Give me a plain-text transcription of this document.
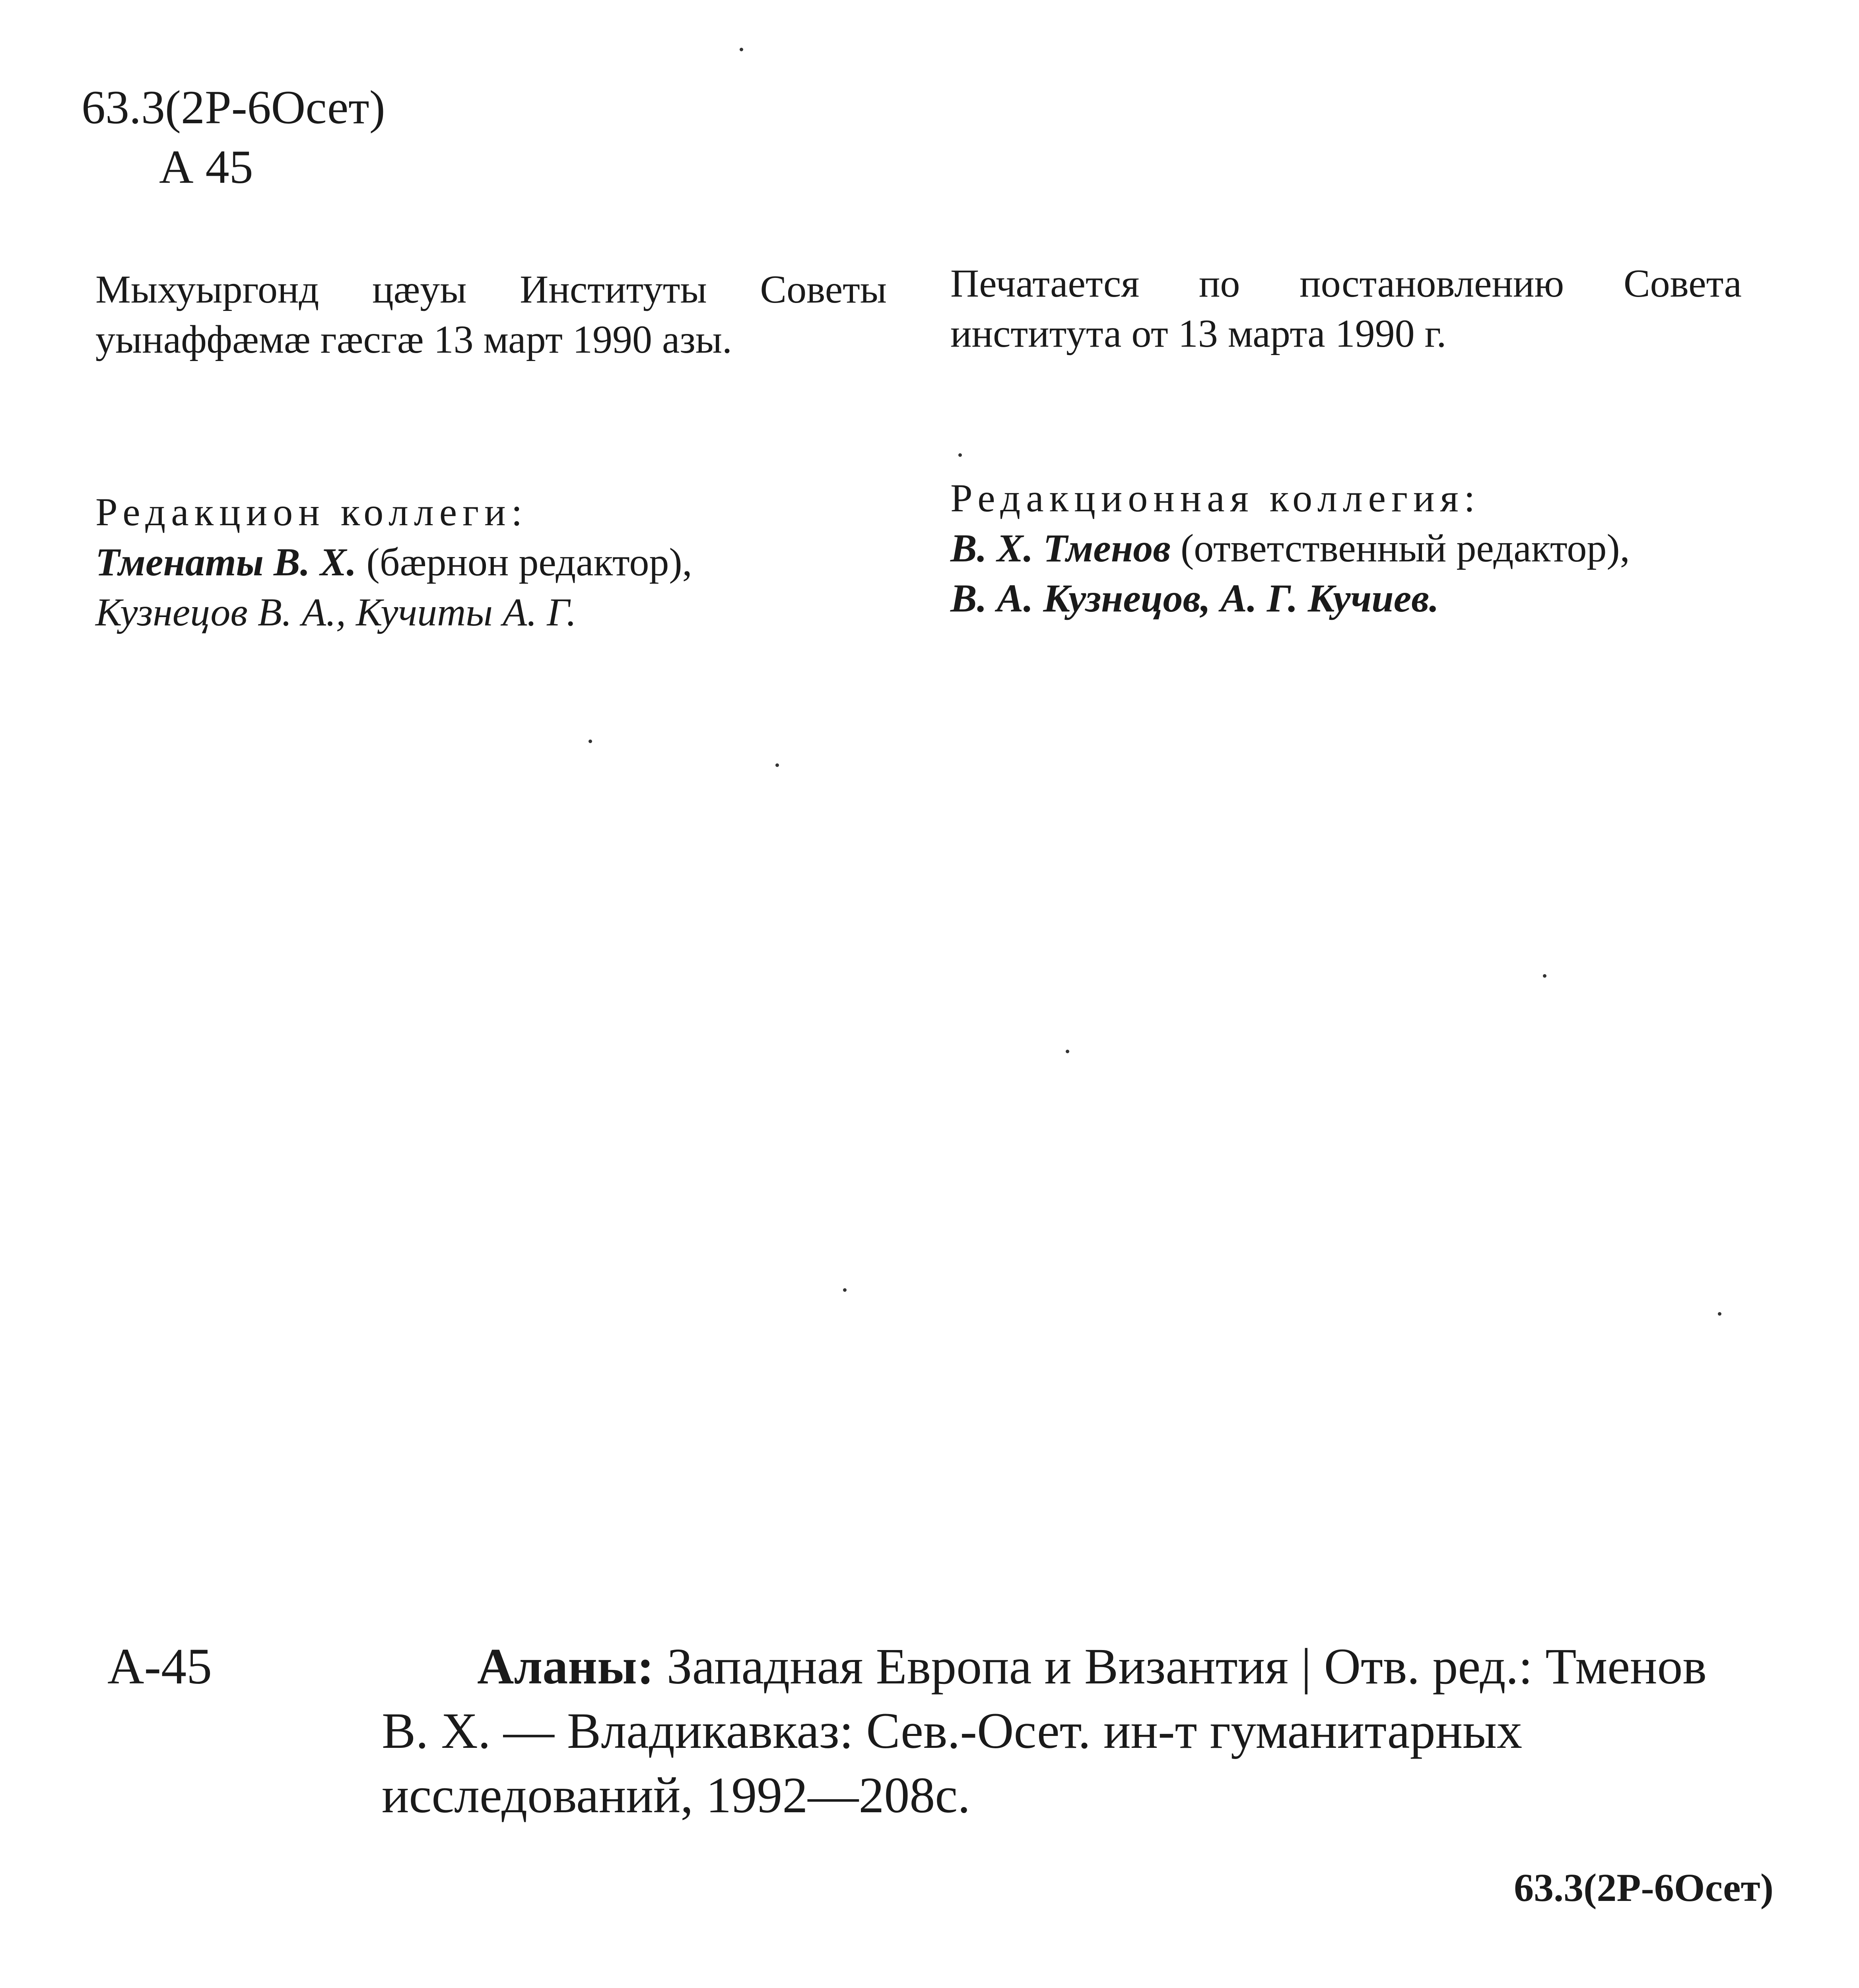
63.3(2Р-6Осет)
А 45
Мыхуыргонд цæуы Институты Советы уынаффæмæ гæсгæ 13 март 1990 азы.
Печатается по постановлению Совета института от 13 марта 1990 г.
Редакцион коллеги:
Тменаты В. Х. (бæрнон редактор),
Кузнецов В. А., Кучиты А. Г.
Редакционная коллегия:
В. Х. Тменов (ответственный редактор),
В. А. Кузнецов, А. Г. Кучиев.
А-45	Аланы: Западная Европа и Византия | Отв. ред.: Тменов В. Х. — Владикавказ: Сев.-Осет. ин-т гуманитарных исследований, 1992—208с.
63.3(2Р-6Осет)
